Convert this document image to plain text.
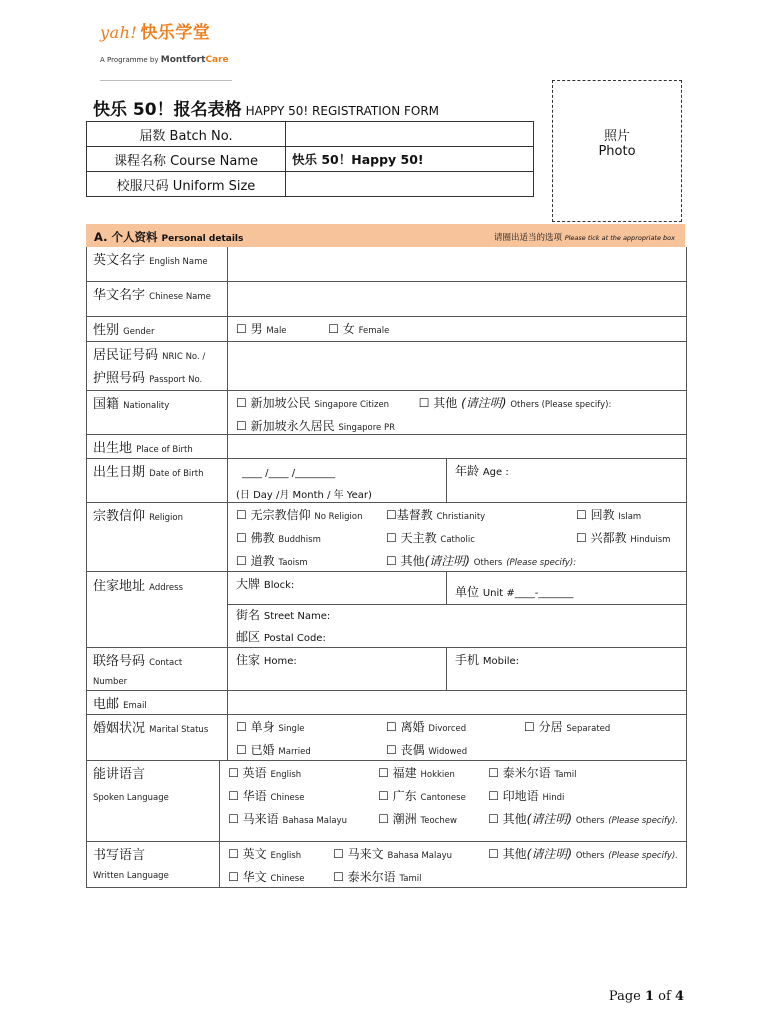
yah! 快乐学堂
A Programme by MontfortCare
快乐 50！报名表格 HAPPY 50! REGISTRATION FORM
届数 Batch No.	
课程名称 Course Name	快乐 50！Happy 50!
校服尺码 Uniform Size	
照片
Photo
A. 个人资料 Personal details	请圈出适当的选项 Please tick at the appropriate box
英文名字 English Name
华文名字 Chinese Name
性别 Gender	☐ 男 Male	☐ 女 Female
居民证号码 NRIC No. /
护照号码 Passport No.
国籍 Nationality	☐ 新加坡公民 Singapore Citizen ☐ 其他 (请注明) Others (Please specify):
☐ 新加坡永久居民 Singapore PR
出生地 Place of Birth
出生日期 Date of Birth	____ /____ /________
(日 Day /月 Month / 年 Year)
年龄 Age :
宗教信仰 Religion	☐ 无宗教信仰 No Religion	☐基督教 Christianity	☐ 回教 Islam
☐ 佛教 Buddhism	☐ 天主教 Catholic	☐ 兴都教 Hinduism
☐ 道教 Taoism	☐ 其他(请注明) Others (Please specify):
住家地址 Address	大牌 Block:	单位 Unit #____-_______
街名 Street Name:
邮区 Postal Code:
联络号码 Contact
Number
住家 Home:	手机 Mobile:
电邮 Email
婚姻状况 Marital Status	☐ 单身 Single	☐ 离婚 Divorced	☐ 分居 Separated
☐ 已婚 Married	☐ 丧偶 Widowed
能讲语言
Spoken Language
☐ 英语 English	☐ 福建 Hokkien	☐ 泰米尔语 Tamil
☐ 华语 Chinese	☐ 广东 Cantonese	☐ 印地语 Hindi
☐ 马来语 Bahasa Malayu	☐ 潮洲 Teochew	☐ 其他(请注明) Others (Please specify).
书写语言
Written Language
☐ 英文 English	☐ 马来文 Bahasa Malayu	☐ 其他(请注明) Others (Please specify).
☐ 华文 Chinese	☐ 泰米尔语 Tamil
Page 1 of 4
